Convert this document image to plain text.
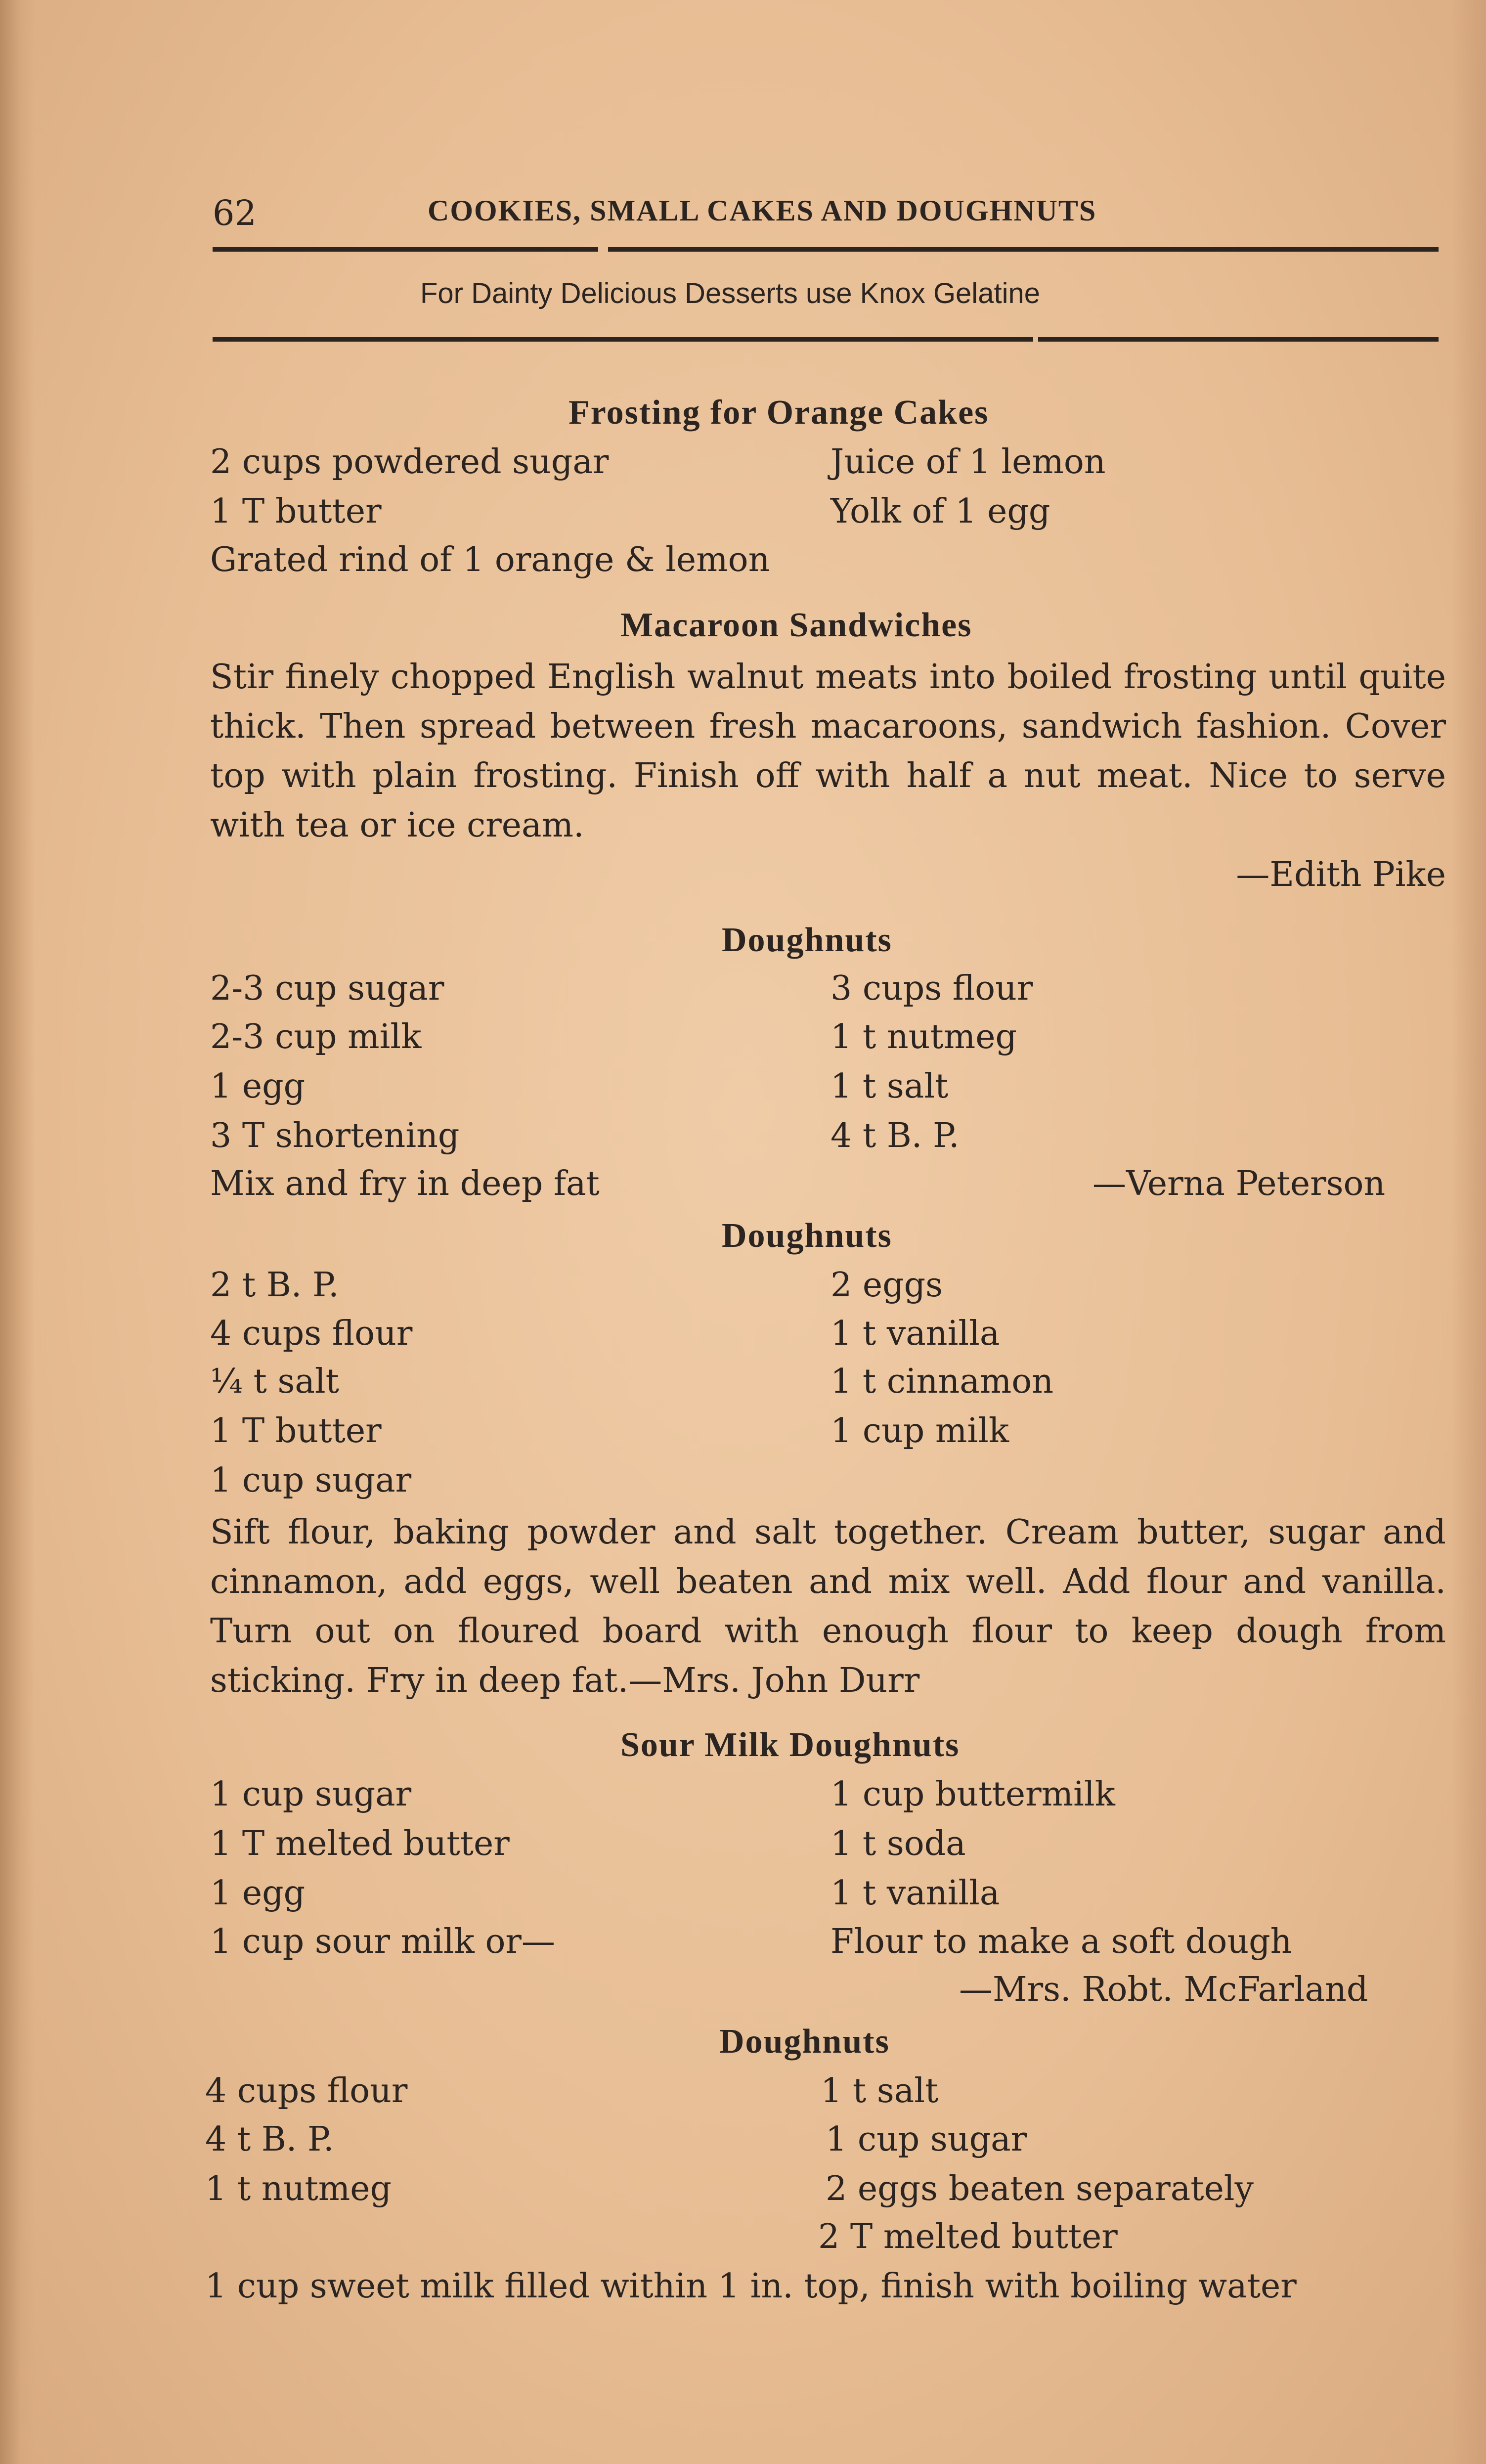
62	COOKIES, SMALL CAKES AND DOUGHNUTS
For Dainty Delicious Desserts use Knox Gelatine
Frosting for Orange Cakes
2 cups powdered sugar
1 T butter
Juice of 1 lemon
Yolk of 1 egg
Grated rind of 1 orange & lemon
Macaroon Sandwiches
Stir finely chopped English walnut meats into boiled frosting until quite thick. Then spread between fresh macaroons, sandwich fashion. Cover top with plain frosting. Finish off with half a nut meat. Nice to serve with tea or ice cream.
—Edith Pike
Doughnuts
2-3 cup sugar
2-3 cup milk
1 egg
3 T shortening
3 cups flour
1 t nutmeg
1 t salt
4 t B. P.
Mix and fry in deep fat	—Verna Peterson
Doughnuts
2 t B. P.
4 cups flour
¼ t salt
1 T butter
1 cup sugar
2 eggs
1 t vanilla
1 t cinnamon
1 cup milk
Sift flour, baking powder and salt together. Cream butter, sugar and cinnamon, add eggs, well beaten and mix well. Add flour and vanilla. Turn out on floured board with enough flour to keep dough from sticking. Fry in deep fat.—Mrs. John Durr
Sour Milk Doughnuts
1 cup sugar
1 T melted butter
1 egg
1 cup sour milk or—
1 cup buttermilk
1 t soda
1 t vanilla
Flour to make a soft dough
—Mrs. Robt. McFarland
Doughnuts
4 cups flour
4 t B. P.
1 t nutmeg
1 t salt
1 cup sugar
2 eggs beaten separately
2 T melted butter
1 cup sweet milk filled within 1 in. top, finish with boiling water
